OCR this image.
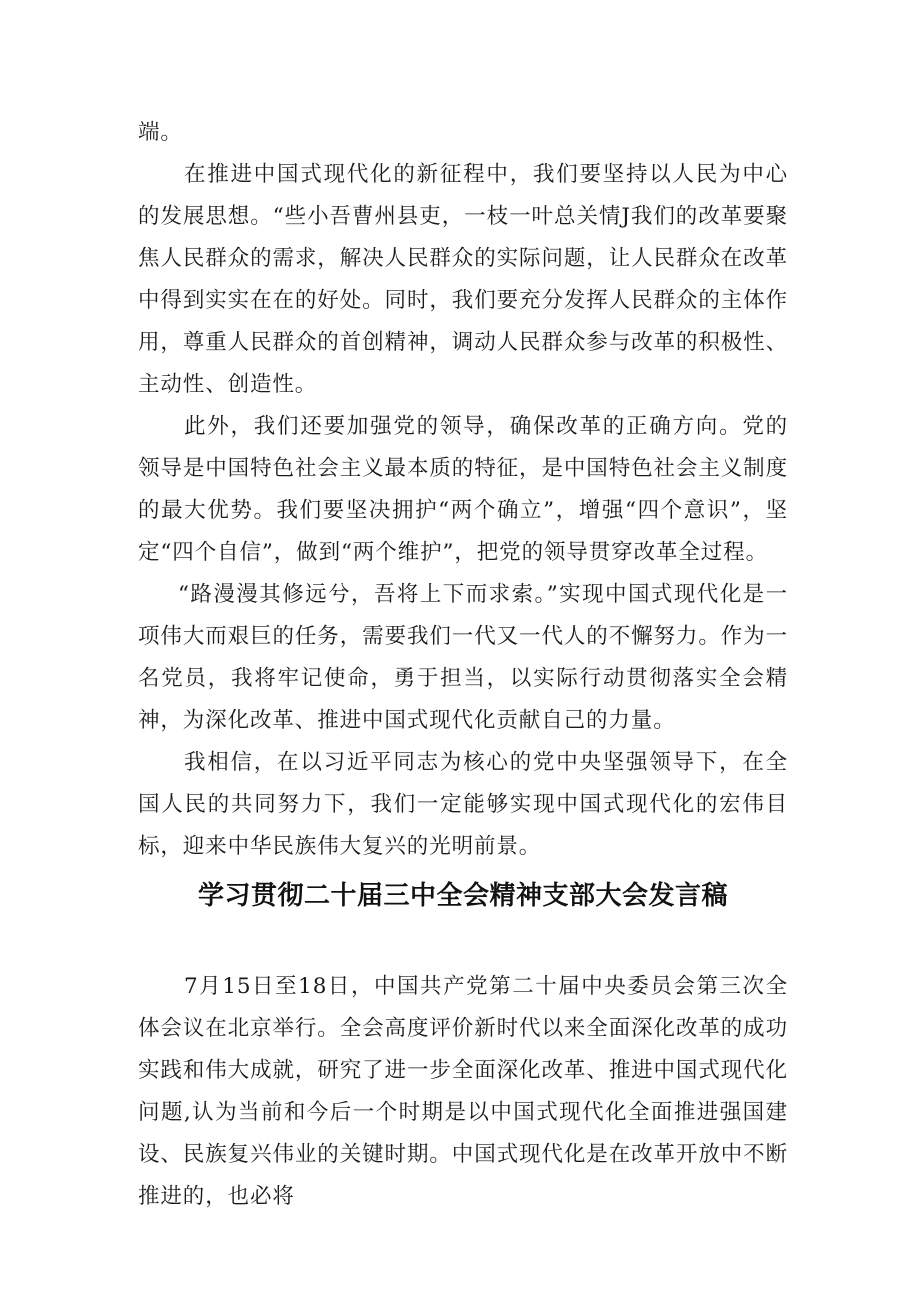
端。

在推进中国式现代化的新征程中，我们要坚持以人民为中心的发展思想。“些小吾曹州县吏，一枝一叶总关情J我们的改革要聚焦人民群众的需求，解决人民群众的实际问题，让人民群众在改革中得到实实在在的好处。同时，我们要充分发挥人民群众的主体作用，尊重人民群众的首创精神，调动人民群众参与改革的积极性、主动性、创造性。

此外，我们还要加强党的领导，确保改革的正确方向。党的领导是中国特色社会主义最本质的特征，是中国特色社会主义制度的最大优势。我们要坚决拥护“两个确立”，增强“四个意识”，坚定“四个自信”，做到“两个维护”，把党的领导贯穿改革全过程。

“路漫漫其修远兮，吾将上下而求索。”实现中国式现代化是一项伟大而艰巨的任务，需要我们一代又一代人的不懈努力。作为一名党员，我将牢记使命，勇于担当，以实际行动贯彻落实全会精神，为深化改革、推进中国式现代化贡献自己的力量。

我相信，在以习近平同志为核心的党中央坚强领导下，在全国人民的共同努力下，我们一定能够实现中国式现代化的宏伟目标，迎来中华民族伟大复兴的光明前景。

学习贯彻二十届三中全会精神支部大会发言稿

7月15日至18日，中国共产党第二十届中央委员会第三次全体会议在北京举行。全会高度评价新时代以来全面深化改革的成功实践和伟大成就，研究了进一步全面深化改革、推进中国式现代化问题,认为当前和今后一个时期是以中国式现代化全面推进强国建设、民族复兴伟业的关键时期。中国式现代化是在改革开放中不断推进的，也必将
